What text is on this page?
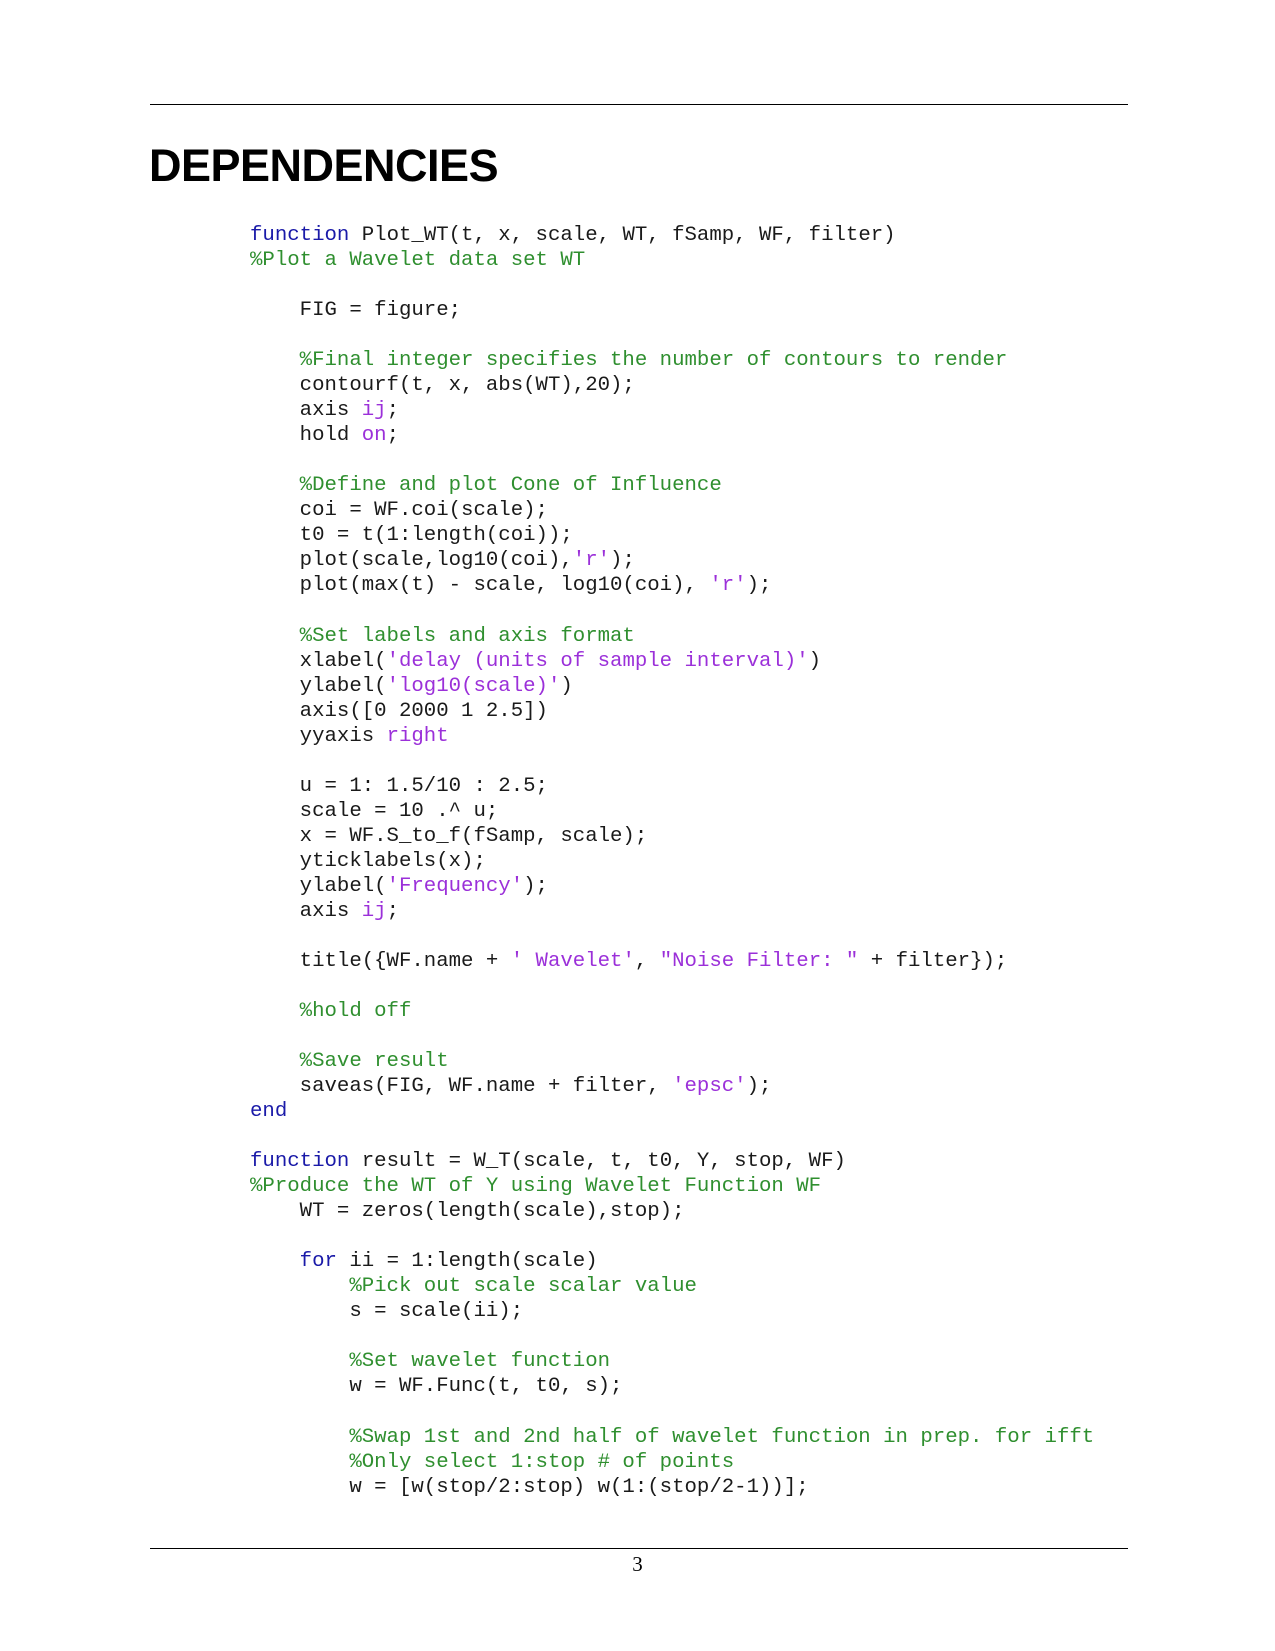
DEPENDENCIES
function Plot_WT(t, x, scale, WT, fSamp, WF, filter)
%Plot a Wavelet data set WT
FIG = figure;
%Final integer specifies the number of contours to render
contourf(t, x, abs(WT),20);
axis ij;
hold on;
%Define and plot Cone of Influence
coi = WF.coi(scale);
t0 = t(1:length(coi));
plot(scale,log10(coi),'r');
plot(max(t) - scale, log10(coi), 'r');
%Set labels and axis format
xlabel('delay (units of sample interval)')
ylabel('log10(scale)')
axis([0 2000 1 2.5])
yyaxis right
u = 1: 1.5/10 : 2.5;
scale = 10 .^ u;
x = WF.S_to_f(fSamp, scale);
yticklabels(x);
ylabel('Frequency');
axis ij;
title({WF.name + ' Wavelet', "Noise Filter: " + filter});
%hold off
%Save result
saveas(FIG, WF.name + filter, 'epsc');
end
function result = W_T(scale, t, t0, Y, stop, WF)
%Produce the WT of Y using Wavelet Function WF
WT = zeros(length(scale),stop);
for ii = 1:length(scale)
%Pick out scale scalar value
s = scale(ii);
%Set wavelet function
w = WF.Func(t, t0, s);
%Swap 1st and 2nd half of wavelet function in prep. for ifft
%Only select 1:stop # of points
w = [w(stop/2:stop) w(1:(stop/2-1))];
3
